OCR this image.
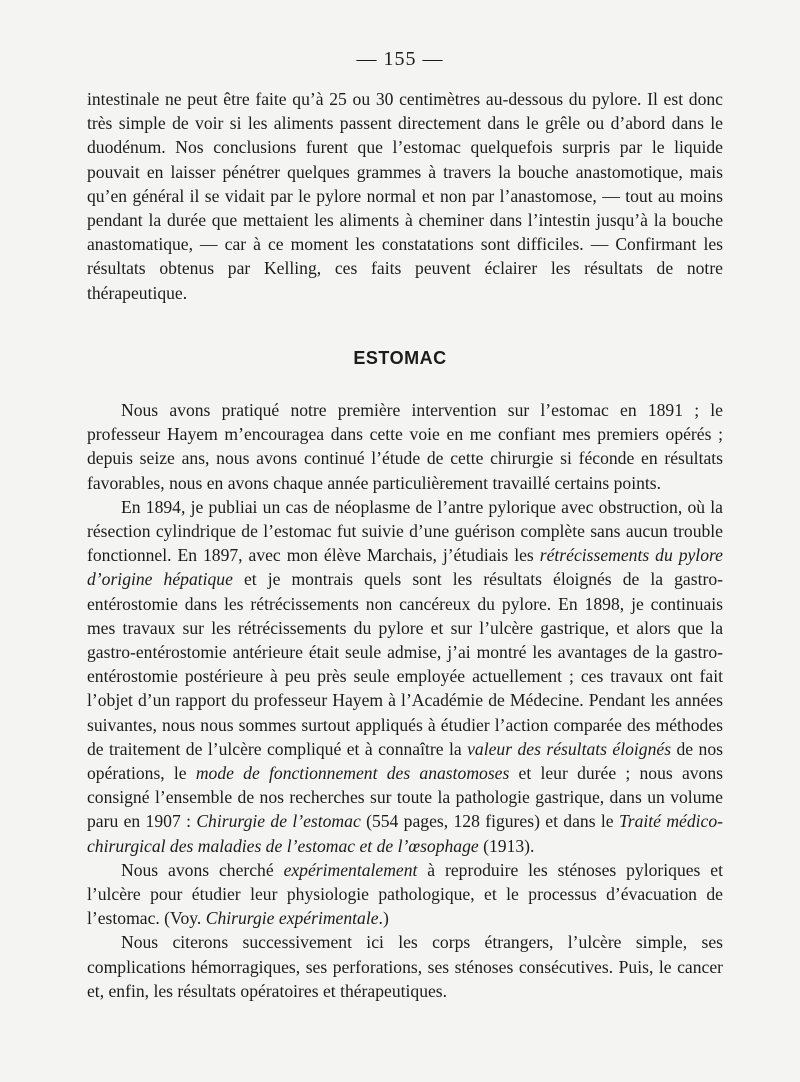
— 155 —

intestinale ne peut être faite qu’à 25 ou 30 centimètres au-dessous du pylore. Il est donc très simple de voir si les aliments passent directement dans le grêle ou d’abord dans le duodénum. Nos conclusions furent que l’estomac quelquefois surpris par le liquide pouvait en laisser pénétrer quelques grammes à travers la bouche anastomotique, mais qu’en général il se vidait par le pylore normal et non par l’anastomose, — tout au moins pendant la durée que mettaient les aliments à cheminer dans l’intestin jusqu’à la bouche anastomatique, — car à ce moment les constatations sont difficiles. — Confirmant les résultats obtenus par Kelling, ces faits peuvent éclairer les résultats de notre thérapeutique.

ESTOMAC

Nous avons pratiqué notre première intervention sur l’estomac en 1891 ; le professeur Hayem m’encouragea dans cette voie en me confiant mes premiers opérés ; depuis seize ans, nous avons continué l’étude de cette chirurgie si féconde en résultats favorables, nous en avons chaque année particulièrement travaillé certains points.

En 1894, je publiai un cas de néoplasme de l’antre pylorique avec obstruction, où la résection cylindrique de l’estomac fut suivie d’une guérison complète sans aucun trouble fonctionnel. En 1897, avec mon élève Marchais, j’étudiais les rétrécissements du pylore d’origine hépatique et je montrais quels sont les résultats éloignés de la gastro-entérostomie dans les rétrécissements non cancéreux du pylore. En 1898, je continuais mes travaux sur les rétrécissements du pylore et sur l’ulcère gastrique, et alors que la gastro-entérostomie antérieure était seule admise, j’ai montré les avantages de la gastro-entérostomie postérieure à peu près seule employée actuellement ; ces travaux ont fait l’objet d’un rapport du professeur Hayem à l’Académie de Médecine. Pendant les années suivantes, nous nous sommes surtout appliqués à étudier l’action comparée des méthodes de traitement de l’ulcère compliqué et à connaître la valeur des résultats éloignés de nos opérations, le mode de fonctionnement des anastomoses et leur durée ; nous avons consigné l’ensemble de nos recherches sur toute la pathologie gastrique, dans un volume paru en 1907 : Chirurgie de l’estomac (554 pages, 128 figures) et dans le Traité médico-chirurgical des maladies de l’estomac et de l’œsophage (1913).

Nous avons cherché expérimentalement à reproduire les sténoses pyloriques et l’ulcère pour étudier leur physiologie pathologique, et le processus d’évacuation de l’estomac. (Voy. Chirurgie expérimentale.)

Nous citerons successivement ici les corps étrangers, l’ulcère simple, ses complications hémorragiques, ses perforations, ses sténoses consécutives. Puis, le cancer et, enfin, les résultats opératoires et thérapeutiques.
